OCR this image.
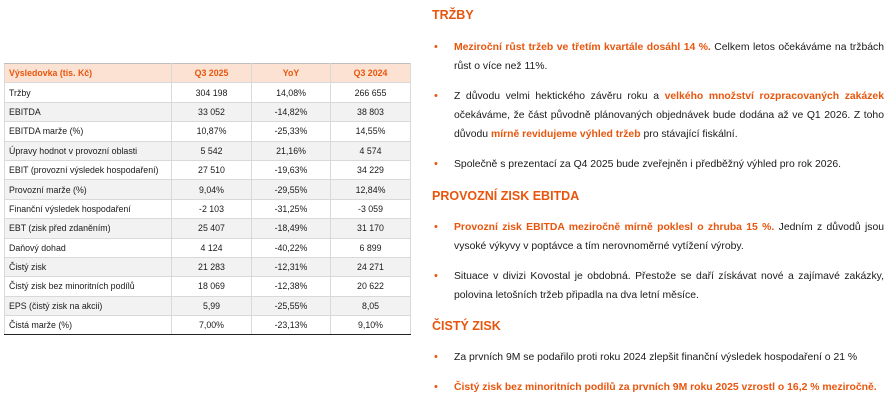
Výsledovka (tis. Kč)	Q3 2025	YoY	Q3 2024
Tržby	304 198	14,08%	266 655
EBITDA	33 052	-14,82%	38 803
EBITDA marže (%)	10,87%	-25,33%	14,55%
Úpravy hodnot v provozní oblasti	5 542	21,16%	4 574
EBIT (provozní výsledek hospodaření)	27 510	-19,63%	34 229
Provozní marže (%)	9,04%	-29,55%	12,84%
Finanční výsledek hospodaření	-2 103	-31,25%	-3 059
EBT (zisk před zdaněním)	25 407	-18,49%	31 170
Daňový dohad	4 124	-40,22%	6 899
Čistý zisk	21 283	-12,31%	24 271
Čistý zisk bez minoritních podílů	18 069	-12,38%	20 622
EPS (čistý zisk na akcii)	5,99	-25,55%	8,05
Čistá marže (%)	7,00%	-23,13%	9,10%
TRŽBY
• Meziroční růst tržeb ve třetím kvartále dosáhl 14 %. Celkem letos očekáváme na tržbách růst o více než 11%.
• Z důvodu velmi hektického závěru roku a velkého množství rozpracovaných zakázek očekáváme, že část původně plánovaných objednávek bude dodána až ve Q1 2026. Z toho důvodu mírně revidujeme výhled tržeb pro stávající fiskální.
• Společně s prezentací za Q4 2025 bude zveřejněn i předběžný výhled pro rok 2026.
PROVOZNÍ ZISK EBITDA
• Provozní zisk EBITDA meziročně mírně poklesl o zhruba 15 %. Jedním z důvodů jsou vysoké výkyvy v poptávce a tím nerovnoměrné vytížení výroby.
• Situace v divizi Kovostal je obdobná. Přestože se daří získávat nové a zajímavé zakázky, polovina letošních tržeb připadla na dva letní měsíce.
ČISTÝ ZISK
• Za prvních 9M se podařilo proti roku 2024 zlepšit finanční výsledek hospodaření o 21 %
• Čistý zisk bez minoritních podílů za prvních 9M roku 2025 vzrostl o 16,2 % meziročně.
